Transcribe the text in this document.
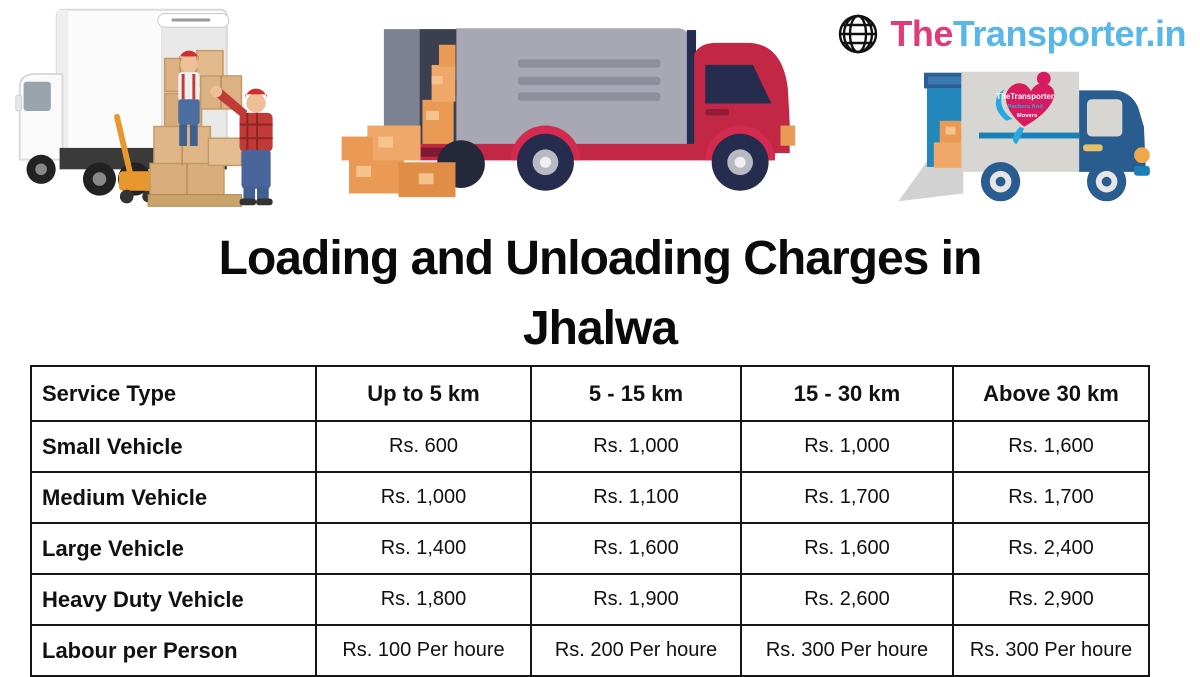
TheTransporter
Packers And
Movers
TheTransporter.in
Loading and Unloading Charges in
Jhalwa
Service Type	Up to 5 km	5 - 15 km	15 - 30 km	Above 30 km
Small Vehicle	Rs. 600	Rs. 1,000	Rs. 1,000	Rs. 1,600
Medium Vehicle	Rs. 1,000	Rs. 1,100	Rs. 1,700	Rs. 1,700
Large Vehicle	Rs. 1,400	Rs. 1,600	Rs. 1,600	Rs. 2,400
Heavy Duty Vehicle	Rs. 1,800	Rs. 1,900	Rs. 2,600	Rs. 2,900
Labour per Person	Rs. 100 Per houre	Rs. 200 Per houre	Rs. 300 Per houre	Rs. 300 Per houre
